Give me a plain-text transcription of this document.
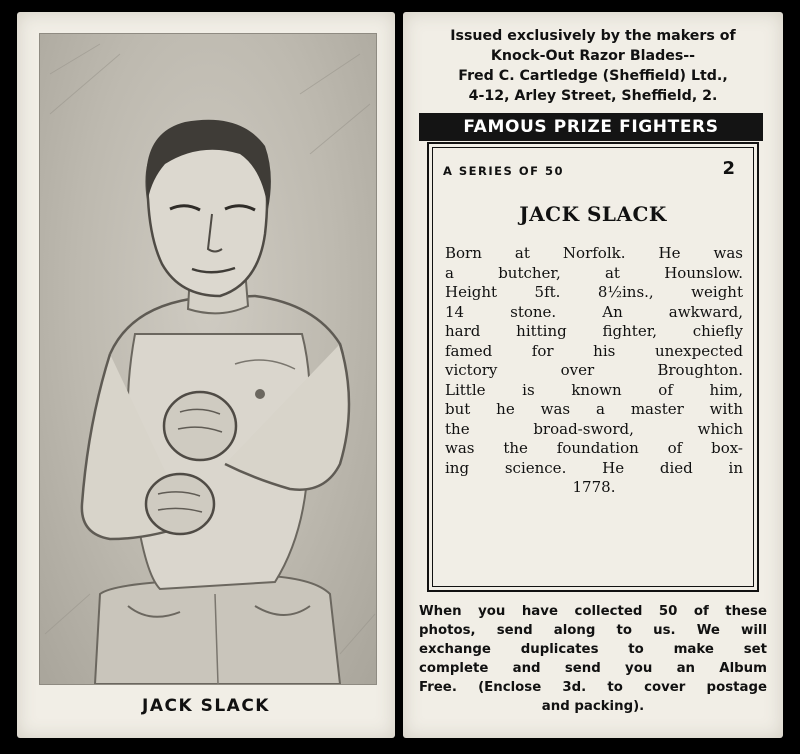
JACK SLACK
Issued exclusively by the makers of
Knock-Out Razor Blades--
Fred C. Cartledge (Sheffield) Ltd.,
4-12, Arley Street, Sheffield, 2.
FAMOUS PRIZE FIGHTERS
A SERIES OF 50	2
JACK SLACK
Born at Norfolk. He was
a butcher, at Hounslow.
Height 5ft. 8½ins., weight
14 stone. An awkward,
hard hitting fighter, chiefly
famed for his unexpected
victory over Broughton.
Little is known of him,
but he was a master with
the broad-sword, which
was the foundation of box-
ing science. He died in
1778.
When you have collected 50 of these
photos, send along to us. We will
exchange duplicates to make set
complete and send you an Album
Free. (Enclose 3d. to cover postage
and packing).
